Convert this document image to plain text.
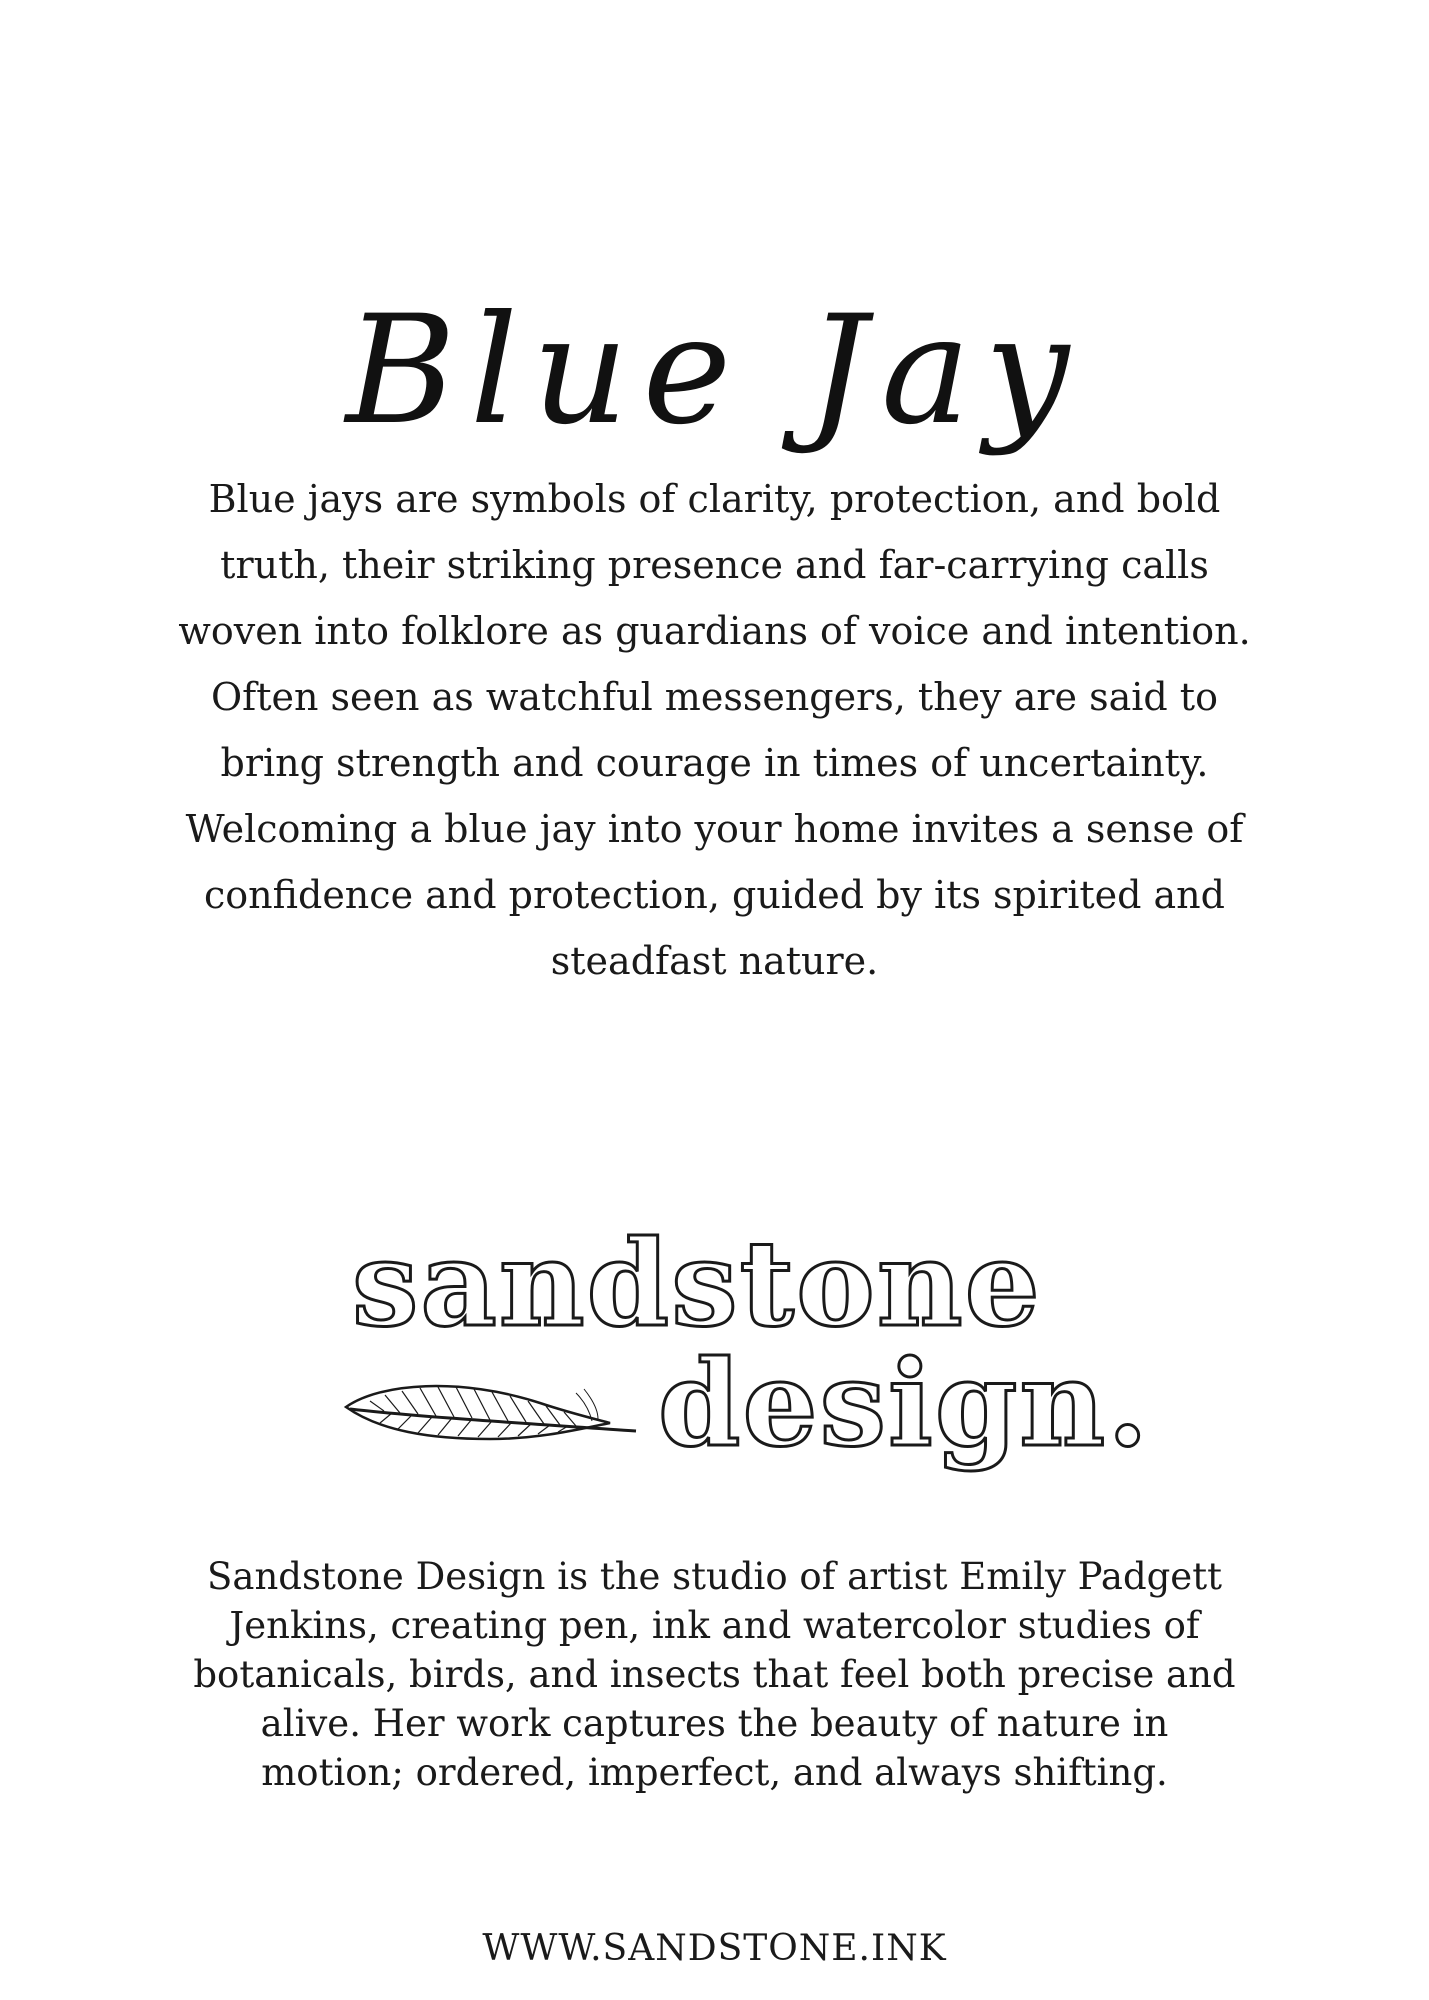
Blue Jay

Blue jays are symbols of clarity, protection, and bold truth, their striking presence and far-carrying calls woven into folklore as guardians of voice and intention. Often seen as watchful messengers, they are said to bring strength and courage in times of uncertainty. Welcoming a blue jay into your home invites a sense of confidence and protection, guided by its spirited and steadfast nature.

sandstone
design.

Sandstone Design is the studio of artist Emily Padgett Jenkins, creating pen, ink and watercolor studies of botanicals, birds, and insects that feel both precise and alive. Her work captures the beauty of nature in motion; ordered, imperfect, and always shifting.

WWW.SANDSTONE.INK
